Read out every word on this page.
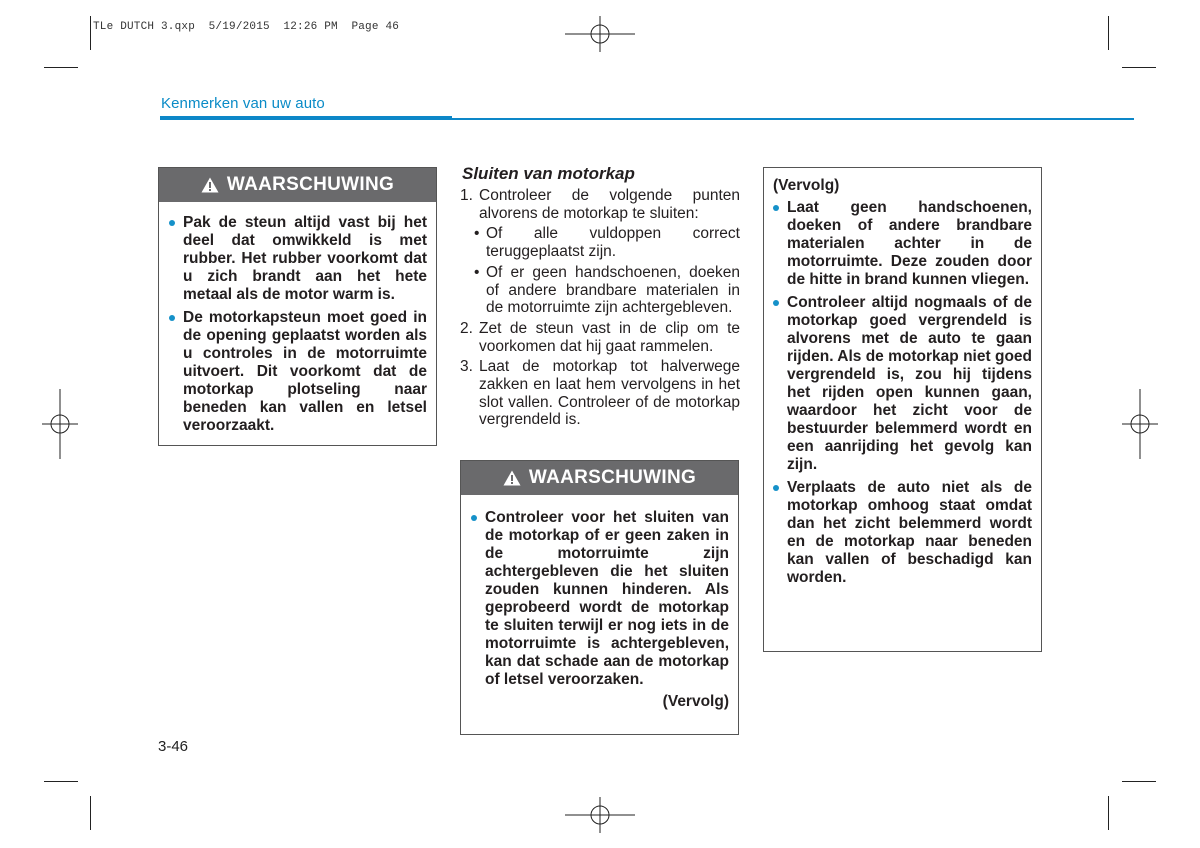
TLe DUTCH 3.qxp  5/19/2015  12:26 PM  Page 46
Kenmerken van uw auto
WAARSCHUWING
Pak de steun altijd vast bij het deel dat omwikkeld is met rubber. Het rubber voorkomt dat u zich brandt aan het hete metaal als de motor warm is.
De motorkapsteun moet goed in de opening geplaatst worden als u controles in de motorruimte uitvoert. Dit voorkomt dat de motorkap plotseling naar beneden kan vallen en letsel veroorzaakt.
Sluiten van motorkap
1. Controleer de volgende punten alvorens de motorkap te sluiten:
• Of alle vuldoppen correct teruggeplaatst zijn.
• Of er geen handschoenen, doeken of andere brandbare materialen in de motorruimte zijn achtergebleven.
2. Zet de steun vast in de clip om te voorkomen dat hij gaat rammelen.
3. Laat de motorkap tot halverwege zakken en laat hem vervolgens in het slot vallen. Controleer of de motorkap vergrendeld is.
WAARSCHUWING
Controleer voor het sluiten van de motorkap of er geen zaken in de motorruimte zijn achtergebleven die het sluiten zouden kunnen hinderen. Als geprobeerd wordt de motorkap te sluiten terwijl er nog iets in de motorruimte is achtergebleven, kan dat schade aan de motorkap of letsel veroorzaken.
(Vervolg)
(Vervolg)
Laat geen handschoenen, doeken of andere brandbare materialen achter in de motorruimte. Deze zouden door de hitte in brand kunnen vliegen.
Controleer altijd nogmaals of de motorkap goed vergrendeld is alvorens met de auto te gaan rijden. Als de motorkap niet goed vergrendeld is, zou hij tijdens het rijden open kunnen gaan, waardoor het zicht voor de bestuurder belemmerd wordt en een aanrijding het gevolg kan zijn.
Verplaats de auto niet als de motorkap omhoog staat omdat dan het zicht belemmerd wordt en de motorkap naar beneden kan vallen of beschadigd kan worden.
3-46
